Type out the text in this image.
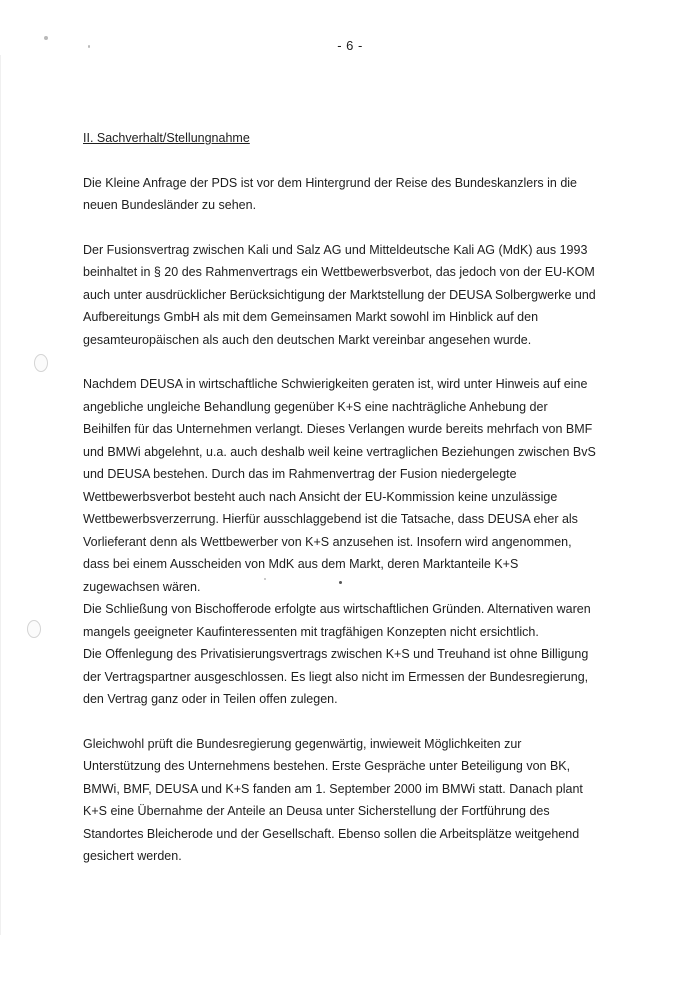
- 6 -
II. Sachverhalt/Stellungnahme
Die Kleine Anfrage der PDS ist vor dem Hintergrund der Reise des Bundeskanzlers in die
neuen Bundesländer zu sehen.
Der Fusionsvertrag zwischen Kali und Salz AG und Mitteldeutsche Kali AG (MdK) aus 1993
beinhaltet in § 20 des Rahmenvertrags ein Wettbewerbsverbot, das jedoch von der EU-KOM
auch unter ausdrücklicher Berücksichtigung der Marktstellung der DEUSA Solbergwerke und
Aufbereitungs GmbH als mit dem Gemeinsamen Markt sowohl im Hinblick auf den
gesamteuropäischen als auch den deutschen Markt vereinbar angesehen wurde.
Nachdem DEUSA in wirtschaftliche Schwierigkeiten geraten ist, wird unter Hinweis auf eine
angebliche ungleiche Behandlung gegenüber K+S eine nachträgliche Anhebung der
Beihilfen für das Unternehmen verlangt. Dieses Verlangen wurde bereits mehrfach von BMF
und BMWi abgelehnt, u.a. auch deshalb weil keine vertraglichen Beziehungen zwischen BvS
und DEUSA bestehen. Durch das im Rahmenvertrag der Fusion niedergelegte
Wettbewerbsverbot besteht auch nach Ansicht der EU-Kommission keine unzulässige
Wettbewerbsverzerrung. Hierfür ausschlaggebend ist die Tatsache, dass DEUSA eher als
Vorlieferant denn als Wettbewerber von K+S anzusehen ist. Insofern wird angenommen,
dass bei einem Ausscheiden von MdK aus dem Markt, deren Marktanteile K+S
zugewachsen wären.
Die Schließung von Bischofferode erfolgte aus wirtschaftlichen Gründen. Alternativen waren
mangels geeigneter Kaufinteressenten mit tragfähigen Konzepten nicht ersichtlich.
Die Offenlegung des Privatisierungsvertrags zwischen K+S und Treuhand ist ohne Billigung
der Vertragspartner ausgeschlossen. Es liegt also nicht im Ermessen der Bundesregierung,
den Vertrag ganz oder in Teilen offen zulegen.
Gleichwohl prüft die Bundesregierung gegenwärtig, inwieweit Möglichkeiten zur
Unterstützung des Unternehmens bestehen. Erste Gespräche unter Beteiligung von BK,
BMWi, BMF, DEUSA und K+S fanden am 1. September 2000 im BMWi statt. Danach plant
K+S eine Übernahme der Anteile an Deusa unter Sicherstellung der Fortführung des
Standortes Bleicherode und der Gesellschaft. Ebenso sollen die Arbeitsplätze weitgehend
gesichert werden.
